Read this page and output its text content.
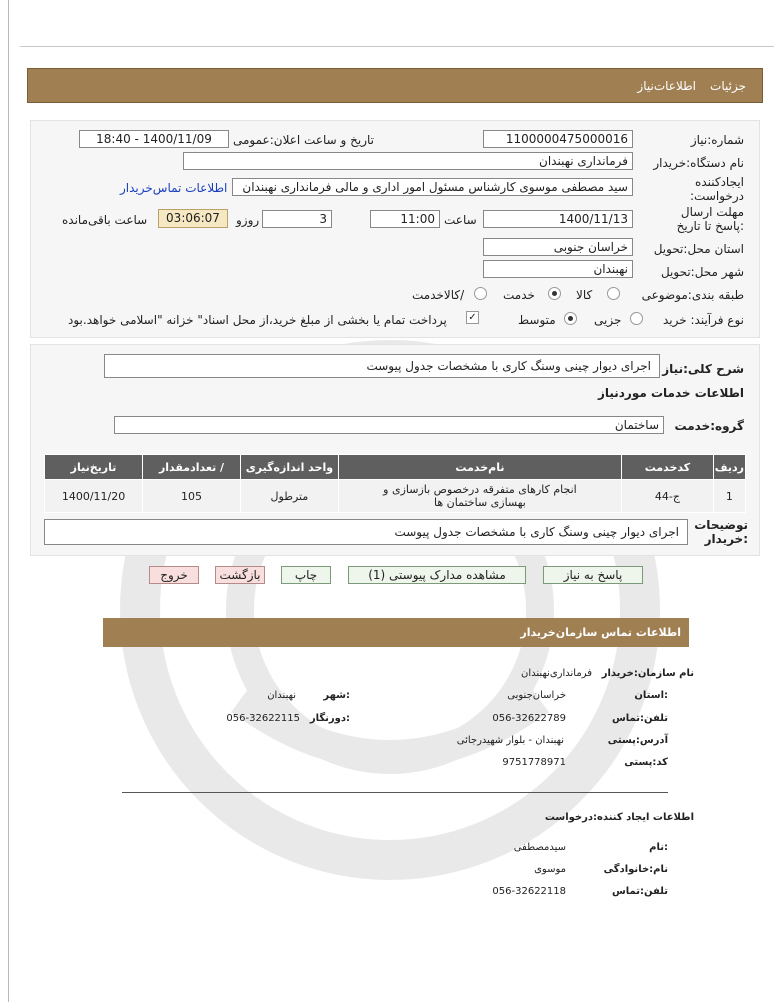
جزئیات
اطلاعات‌نیاز
شماره:نیاز
1100000475000016
تاریخ و ساعت اعلان:عمومی
1400/11/09 - 18:40
نام دستگاه:خریدار
فرمانداری نهبندان
ایجادکننده درخواست:
سید مصطفی موسوی کارشناس مسئول امور اداری و مالی فرمانداری نهبندان
اطلاعات تماس‌خریدار
مهلت ارسال :پاسخ تا تاریخ
1400/11/13
ساعت
11:00
3
روزو
03:06:07
ساعت باقی‌مانده
استان محل:تحویل
خراسان جنوبی
شهر محل:تحویل
نهبندان
طبقه بندی:موضوعی
کالا
خدمت
/کالاخدمت
نوع فرآیند: خرید
جزیی
متوسط
✓
پرداخت تمام یا بخشی از مبلغ خرید،از محل اسناد" خزانه "اسلامی خواهد.بود
شرح کلی:نیاز
اجرای دیوار چینی وسنگ کاری با مشخصات جدول پیوست
اطلاعات خدمات موردنیاز
گروه:خدمت
ساختمان
ردیف	کدخدمت	نام‌خدمت	واحد اندازه‌گیری	/ تعدادمقدار	تاریخ‌نیاز
1	ج-44	انجام کارهای متفرقه درخصوص بازسازی و بهسازی ساختمان ها	مترطول	105	1400/11/20
توضیحات :خریدار
اجرای دیوار چینی وسنگ کاری با مشخصات جدول پیوست
پاسخ به نیاز
مشاهده مدارک پیوستی (1)
چاپ
بازگشت
خروج
اطلاعات تماس سازمان‌خریدار
نام سازمان:خریدار
فرمانداری‌نهبندان
:استان
خراسان‌جنوبی
:شهر
نهبندان
تلفن:تماس
056-32622789
:دورنگار
056-32622115
آدرس:پستی
نهبندان - بلوار شهیدرجائی
کد:پستی
9751778971
اطلاعات ایجاد کننده:درخواست
:نام
سیدمصطفی
نام:خانوادگی
موسوی
تلفن:تماس
056-32622118
